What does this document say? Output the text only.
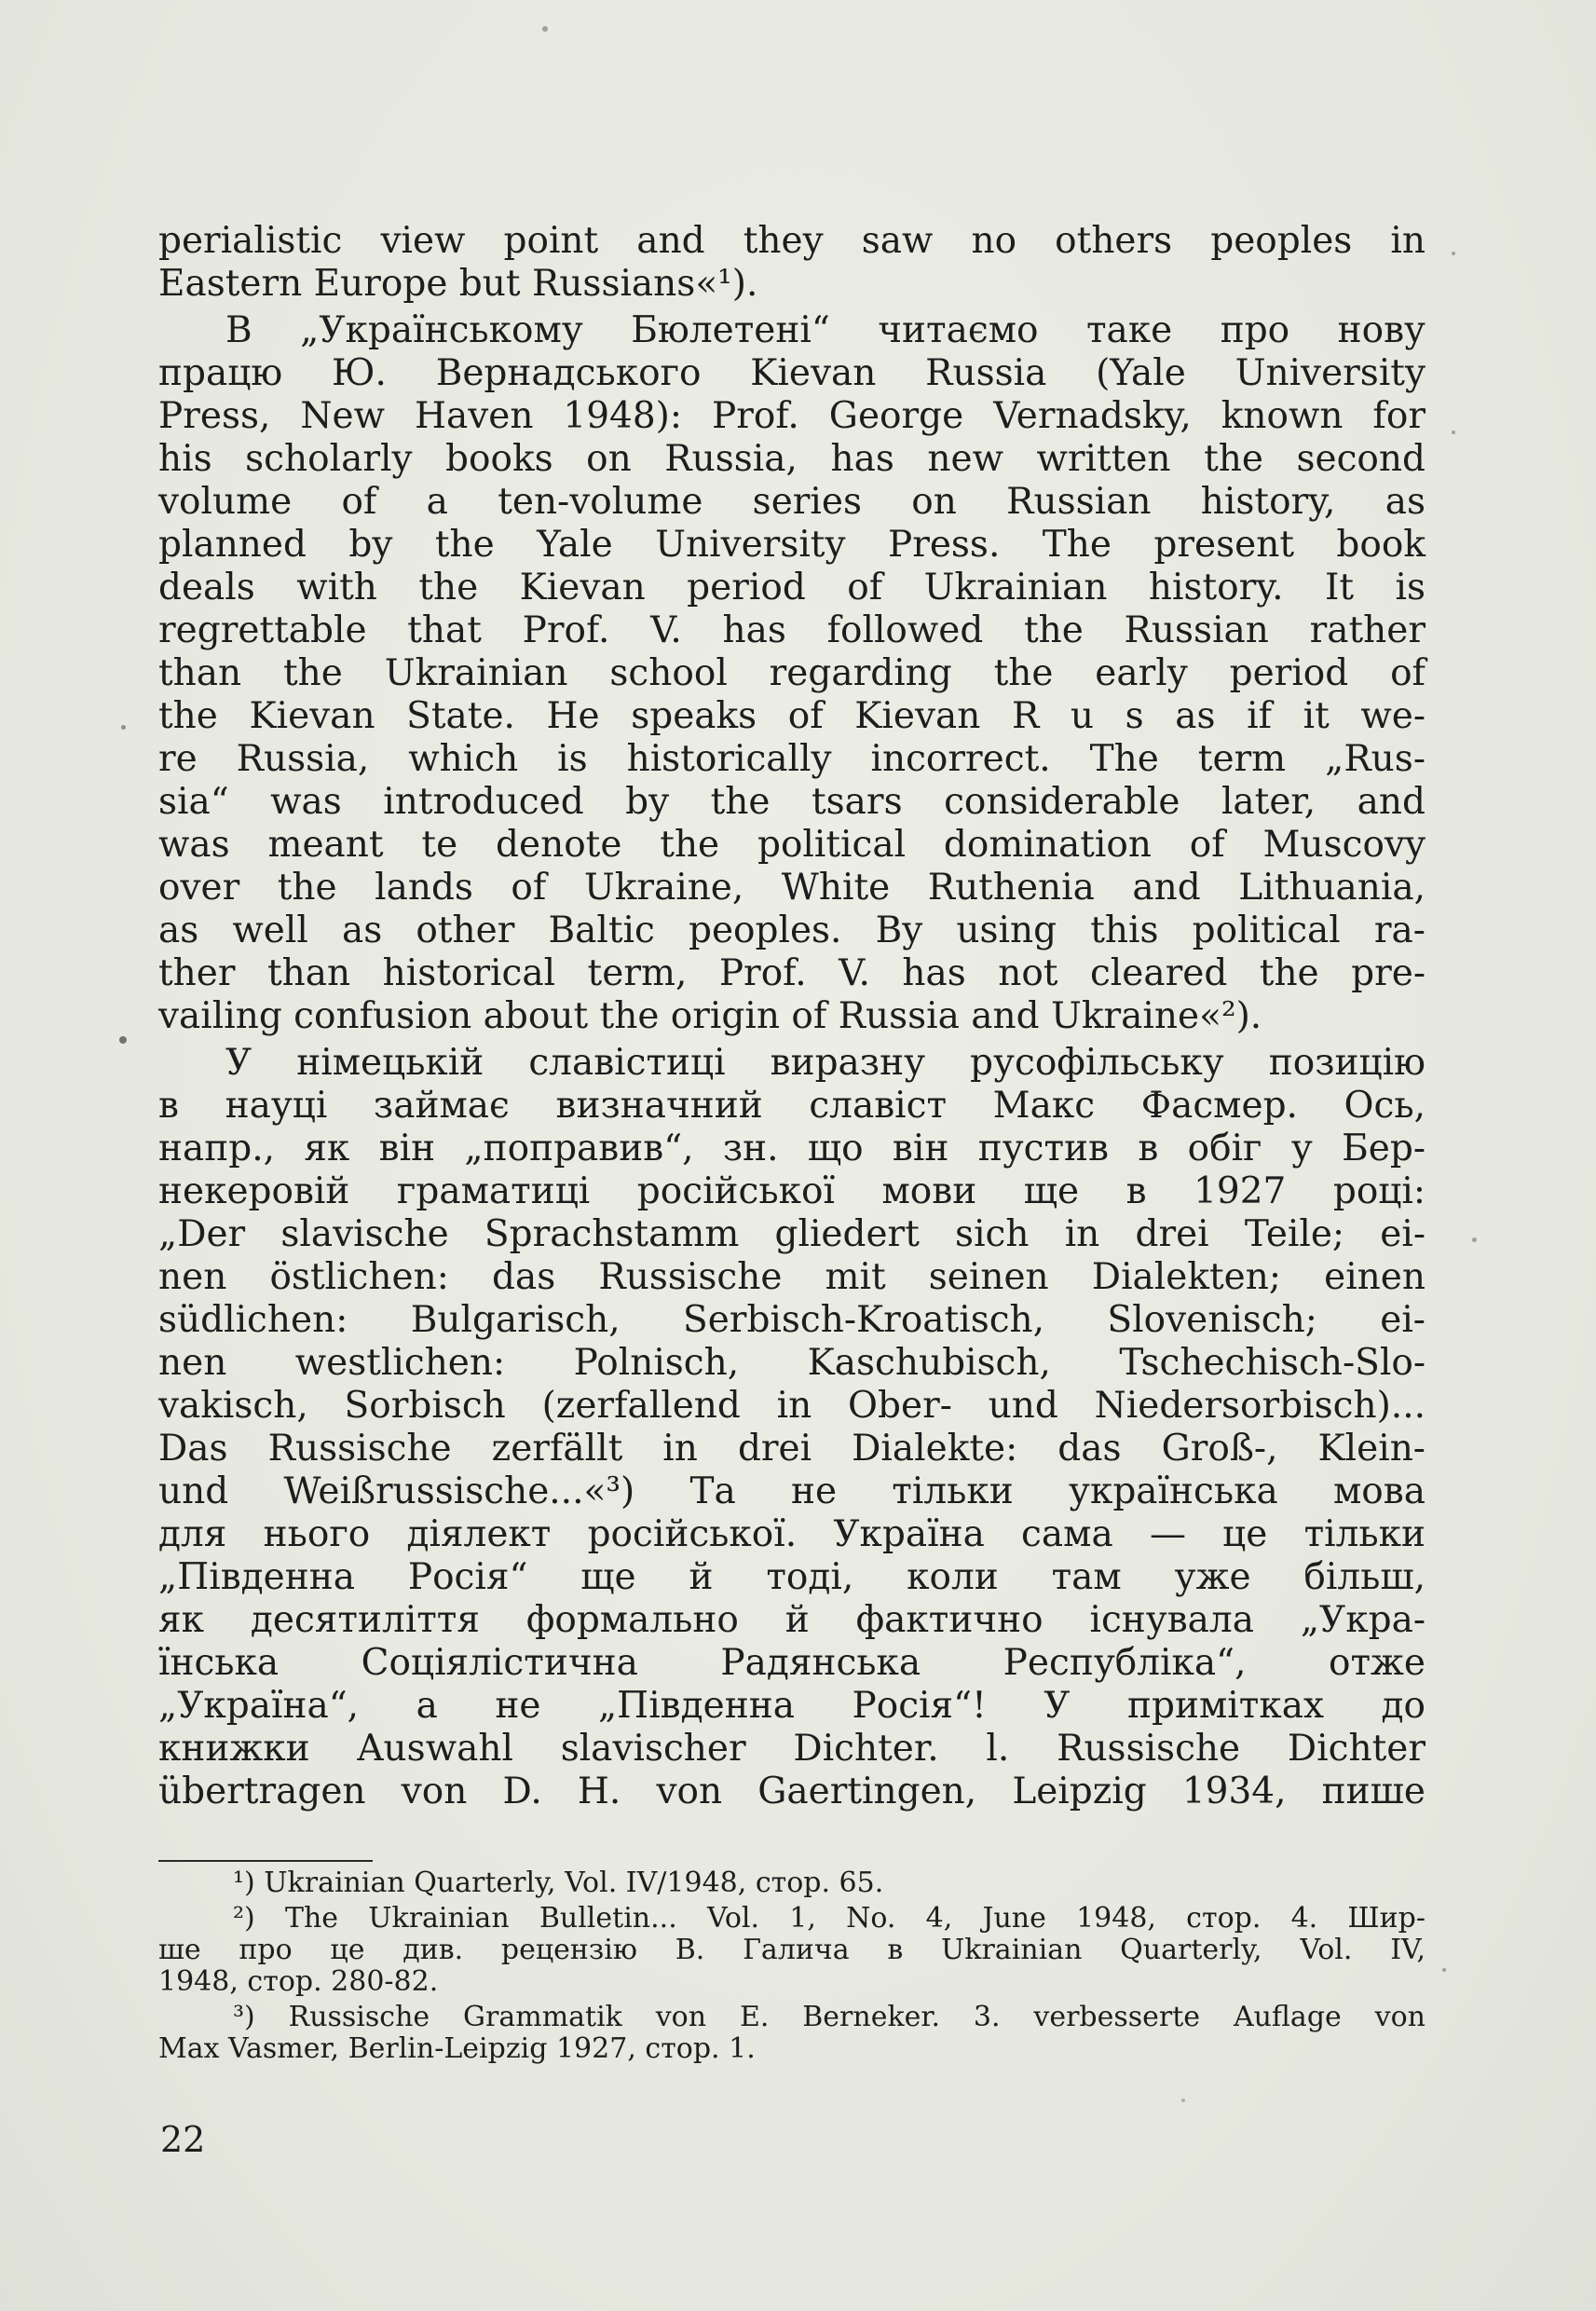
perialistic view point and they saw no others peoples in
Eastern Europe but Russians«¹).
В „Українському Бюлетені“ читаємо таке про нову
працю Ю. Вернадського Kievan Russia (Yale University
Press, New Haven 1948): Prof. George Vernadsky, known for
his scholarly books on Russia, has new written the second
volume of a ten-volume series on Russian history, as
planned by the Yale University Press. The present book
deals with the Kievan period of Ukrainian history. It is
regrettable that Prof. V. has followed the Russian rather
than the Ukrainian school regarding the early period of
the Kievan State. He speaks of Kievan R u s as if it we-
re Russia, which is historically incorrect. The term „Rus-
sia“ was introduced by the tsars considerable later, and
was meant te denote the political domination of Muscovy
over the lands of Ukraine, White Ruthenia and Lithuania,
as well as other Baltic peoples. By using this political ra-
ther than historical term, Prof. V. has not cleared the pre-
vailing confusion about the origin of Russia and Ukraine«²).
У німецькій славістиці виразну русофільську позицію
в науці займає визначний славіст Макс Фасмер. Ось,
напр., як він „поправив“, зн. що він пустив в обіг у Бер-
некеровій граматиці російської мови ще в 1927 році:
„Der slavische Sprachstamm gliedert sich in drei Teile; ei-
nen östlichen: das Russische mit seinen Dialekten; einen
südlichen: Bulgarisch, Serbisch-Kroatisch, Slovenisch; ei-
nen westlichen: Polnisch, Kaschubisch, Tschechisch-Slo-
vakisch, Sorbisch (zerfallend in Ober- und Niedersorbisch)...
Das Russische zerfällt in drei Dialekte: das Groß-, Klein-
und Weißrussische...«³) Та не тільки українська мова
для нього діялект російської. Україна сама — це тільки
„Південна Росія“ ще й тоді, коли там уже більш,
як десятиліття формально й фактично існувала „Укра-
їнська Соціялістична Радянська Республіка“, отже
„Україна“, а не „Південна Росія“! У примітках до
книжки Auswahl slavischer Dichter. l. Russische Dichter
übertragen von D. H. von Gaertingen, Leipzig 1934, пише
¹) Ukrainian Quarterly, Vol. IV/1948, стор. 65.
²) The Ukrainian Bulletin... Vol. 1, No. 4, June 1948, стор. 4. Шир-
ше про це див. рецензію В. Галича в Ukrainian Quarterly, Vol. IV,
1948, стор. 280-82.
³) Russische Grammatik von E. Berneker. 3. verbesserte Auflage von
Max Vasmer, Berlin-Leipzig 1927, стор. 1.
22
